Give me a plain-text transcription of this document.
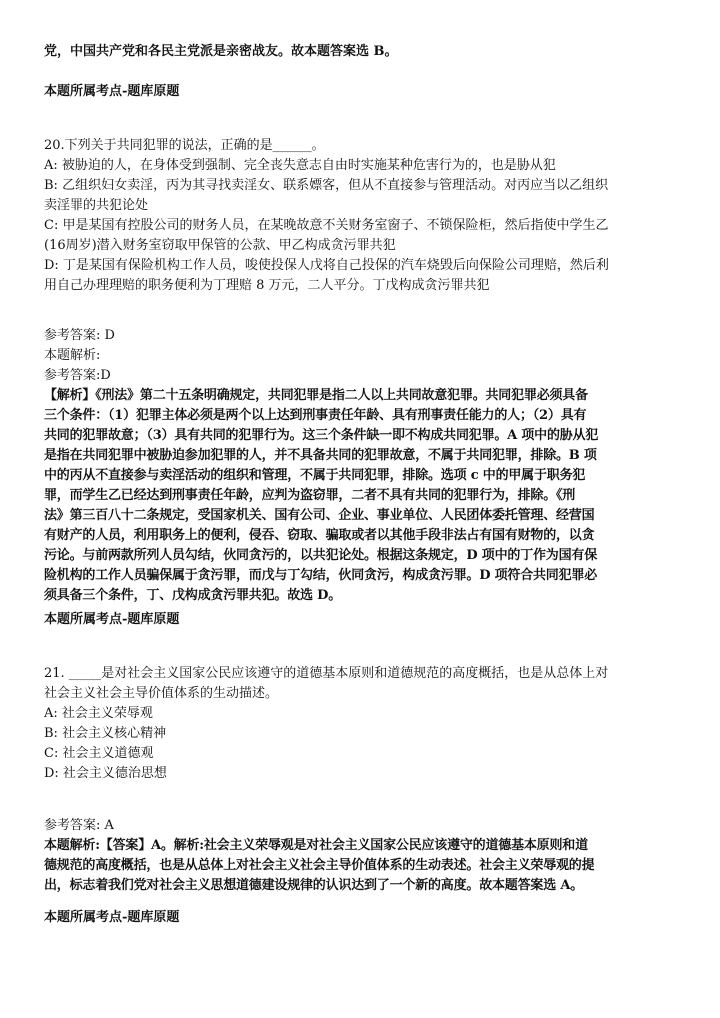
党，中国共产党和各民主党派是亲密战友。故本题答案选 B。
本题所属考点-题库原题
20.下列关于共同犯罪的说法，正确的是______。
A: 被胁迫的人，在身体受到强制、完全丧失意志自由时实施某种危害行为的，也是胁从犯
B: 乙组织妇女卖淫，丙为其寻找卖淫女、联系嫖客，但从不直接参与管理活动。对丙应当以乙组织
卖淫罪的共犯论处
C: 甲是某国有控股公司的财务人员，在某晚故意不关财务室窗子、不锁保险柜，然后指使中学生乙
(16周岁)潜入财务室窃取甲保管的公款、甲乙构成贪污罪共犯
D: 丁是某国有保险机构工作人员，唆使投保人戊将自己投保的汽车烧毁后向保险公司理赔，然后利
用自己办理理赔的职务便利为丁理赔 8 万元，二人平分。丁戊构成贪污罪共犯
参考答案: D
本题解析:
参考答案:D
【解析】《刑法》第二十五条明确规定，共同犯罪是指二人以上共同故意犯罪。共同犯罪必须具备
三个条件：（1）犯罪主体必须是两个以上达到刑事责任年龄、具有刑事责任能力的人；（2）具有
共同的犯罪故意；（3）具有共同的犯罪行为。这三个条件缺一即不构成共同犯罪。A 项中的胁从犯
是指在共同犯罪中被胁迫参加犯罪的人，并不具备共同的犯罪故意，不属于共同犯罪，排除。B 项
中的丙从不直接参与卖淫活动的组织和管理，不属于共同犯罪，排除。选项 c 中的甲属于职务犯
罪，而学生乙已经达到刑事责任年龄，应判为盗窃罪，二者不具有共同的犯罪行为，排除。《刑
法》第三百八十二条规定，受国家机关、国有公司、企业、事业单位、人民团体委托管理、经营国
有财产的人员，利用职务上的便利，侵吞、窃取、骗取或者以其他手段非法占有国有财物的，以贪
污论。与前两款所列人员勾结，伙同贪污的，以共犯论处。根据这条规定，D 项中的丁作为国有保
险机构的工作人员骗保属于贪污罪，而戊与丁勾结，伙同贪污，构成贪污罪。D 项符合共同犯罪必
须具备三个条件，丁、戊构成贪污罪共犯。故选 D。
本题所属考点-题库原题
21. _____是对社会主义国家公民应该遵守的道德基本原则和道德规范的高度概括，也是从总体上对
社会主义社会主导价值体系的生动描述。
A: 社会主义荣辱观
B: 社会主义核心精神
C: 社会主义道德观
D: 社会主义德治思想
参考答案: A
本题解析:【答案】A。解析:社会主义荣辱观是对社会主义国家公民应该遵守的道德基本原则和道
德规范的高度概括，也是从总体上对社会主义社会主导价值体系的生动表述。社会主义荣辱观的提
出，标志着我们党对社会主义思想道德建设规律的认识达到了一个新的高度。故本题答案选 A。
本题所属考点-题库原题
